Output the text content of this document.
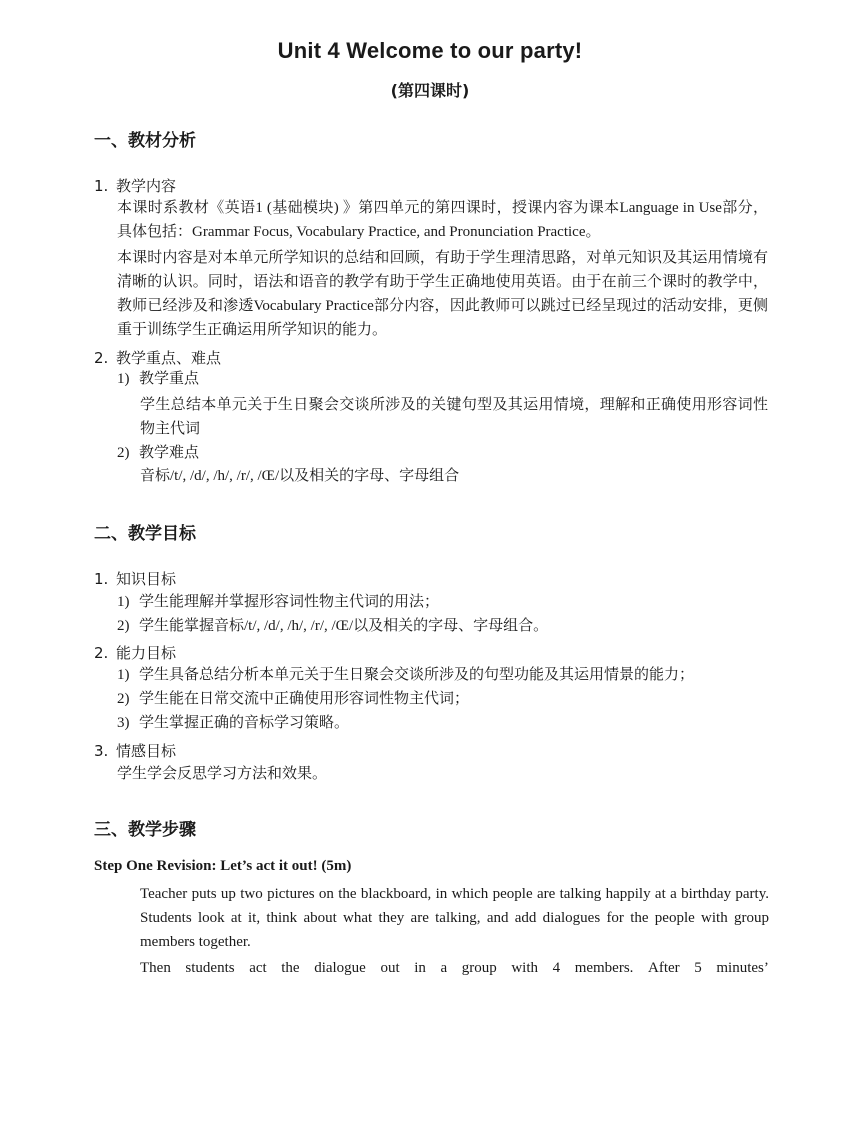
Unit 4 Welcome to our party!
(第四课时)
一、教材分析
1. 教学内容

本课时系教材《英语1 (基础模块) 》第四单元的第四课时，授课内容为课本Language in Use部分，具体包括：Grammar Focus, Vocabulary Practice, and Pronunciation Practice。

本课时内容是对本单元所学知识的总结和回顾，有助于学生理清思路，对单元知识及其运用情境有清晰的认识。同时，语法和语音的教学有助于学生正确地使用英语。由于在前三个课时的教学中，教师已经涉及和渗透Vocabulary Practice部分内容，因此教师可以跳过已经呈现过的活动安排，更侧重于训练学生正确运用所学知识的能力。

2. 教学重点、难点
1) 教学重点

学生总结本单元关于生日聚会交谈所涉及的关键句型及其运用情境，理解和正确使用形容词性物主代词

2) 教学难点

音标/t/, /d/, /h/, /r/, /Œ/以及相关的字母、字母组合

二、教学目标
1. 知识目标
1) 学生能理解并掌握形容词性物主代词的用法；
2) 学生能掌握音标/t/, /d/, /h/, /r/, /Œ/以及相关的字母、字母组合。
2. 能力目标
1) 学生具备总结分析本单元关于生日聚会交谈所涉及的句型功能及其运用情景的能力；
2) 学生能在日常交流中正确使用形容词性物主代词；
3) 学生掌握正确的音标学习策略。
3. 情感目标

学生学会反思学习方法和效果。

三、教学步骤
Step One Revision: Let’s act it out! (5m)

Teacher puts up two pictures on the blackboard, in which people are talking happily at a birthday party. Students look at it, think about what they are talking, and add dialogues for the people with group members together.

Then students act the dialogue out in a group with 4 members. After 5 minutes’
